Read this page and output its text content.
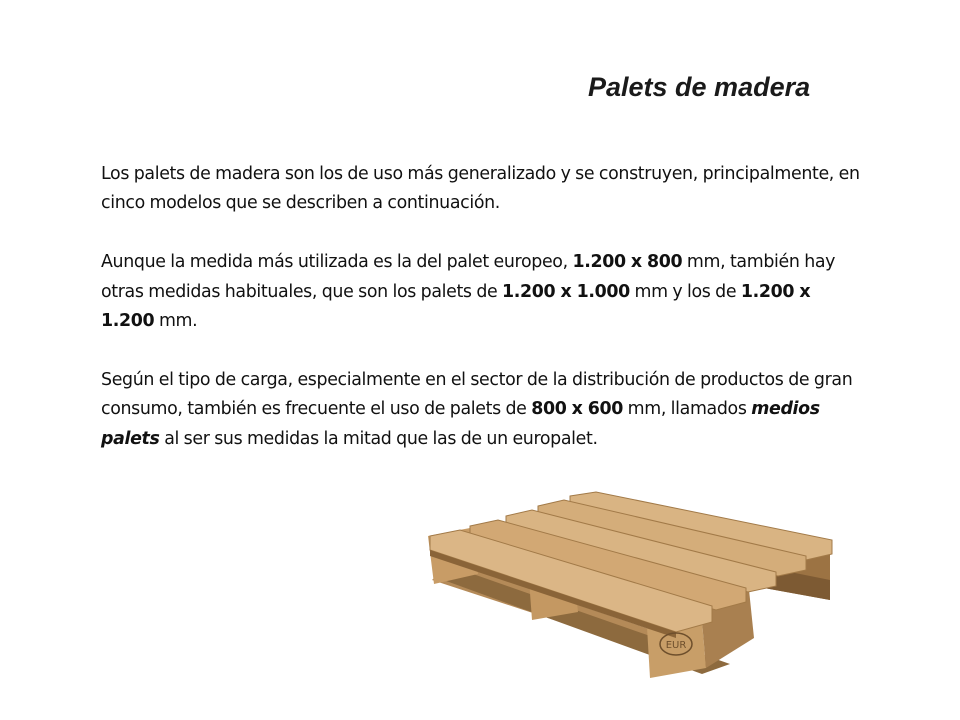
Palets de madera

Los palets de madera son los de uso más generalizado y se construyen, principalmente, en cinco modelos que se describen a continuación.

Aunque la medida más utilizada es la del palet europeo, 1.200 x 800 mm, también hay otras medidas habituales, que son los palets de 1.200 x 1.000 mm y los de 1.200 x 1.200 mm.

Según el tipo de carga, especialmente en el sector de la distribución de productos de gran consumo, también es frecuente el uso de palets de 800 x 600 mm, llamados medios palets al ser sus medidas la mitad que las de un europalet.

EUR
